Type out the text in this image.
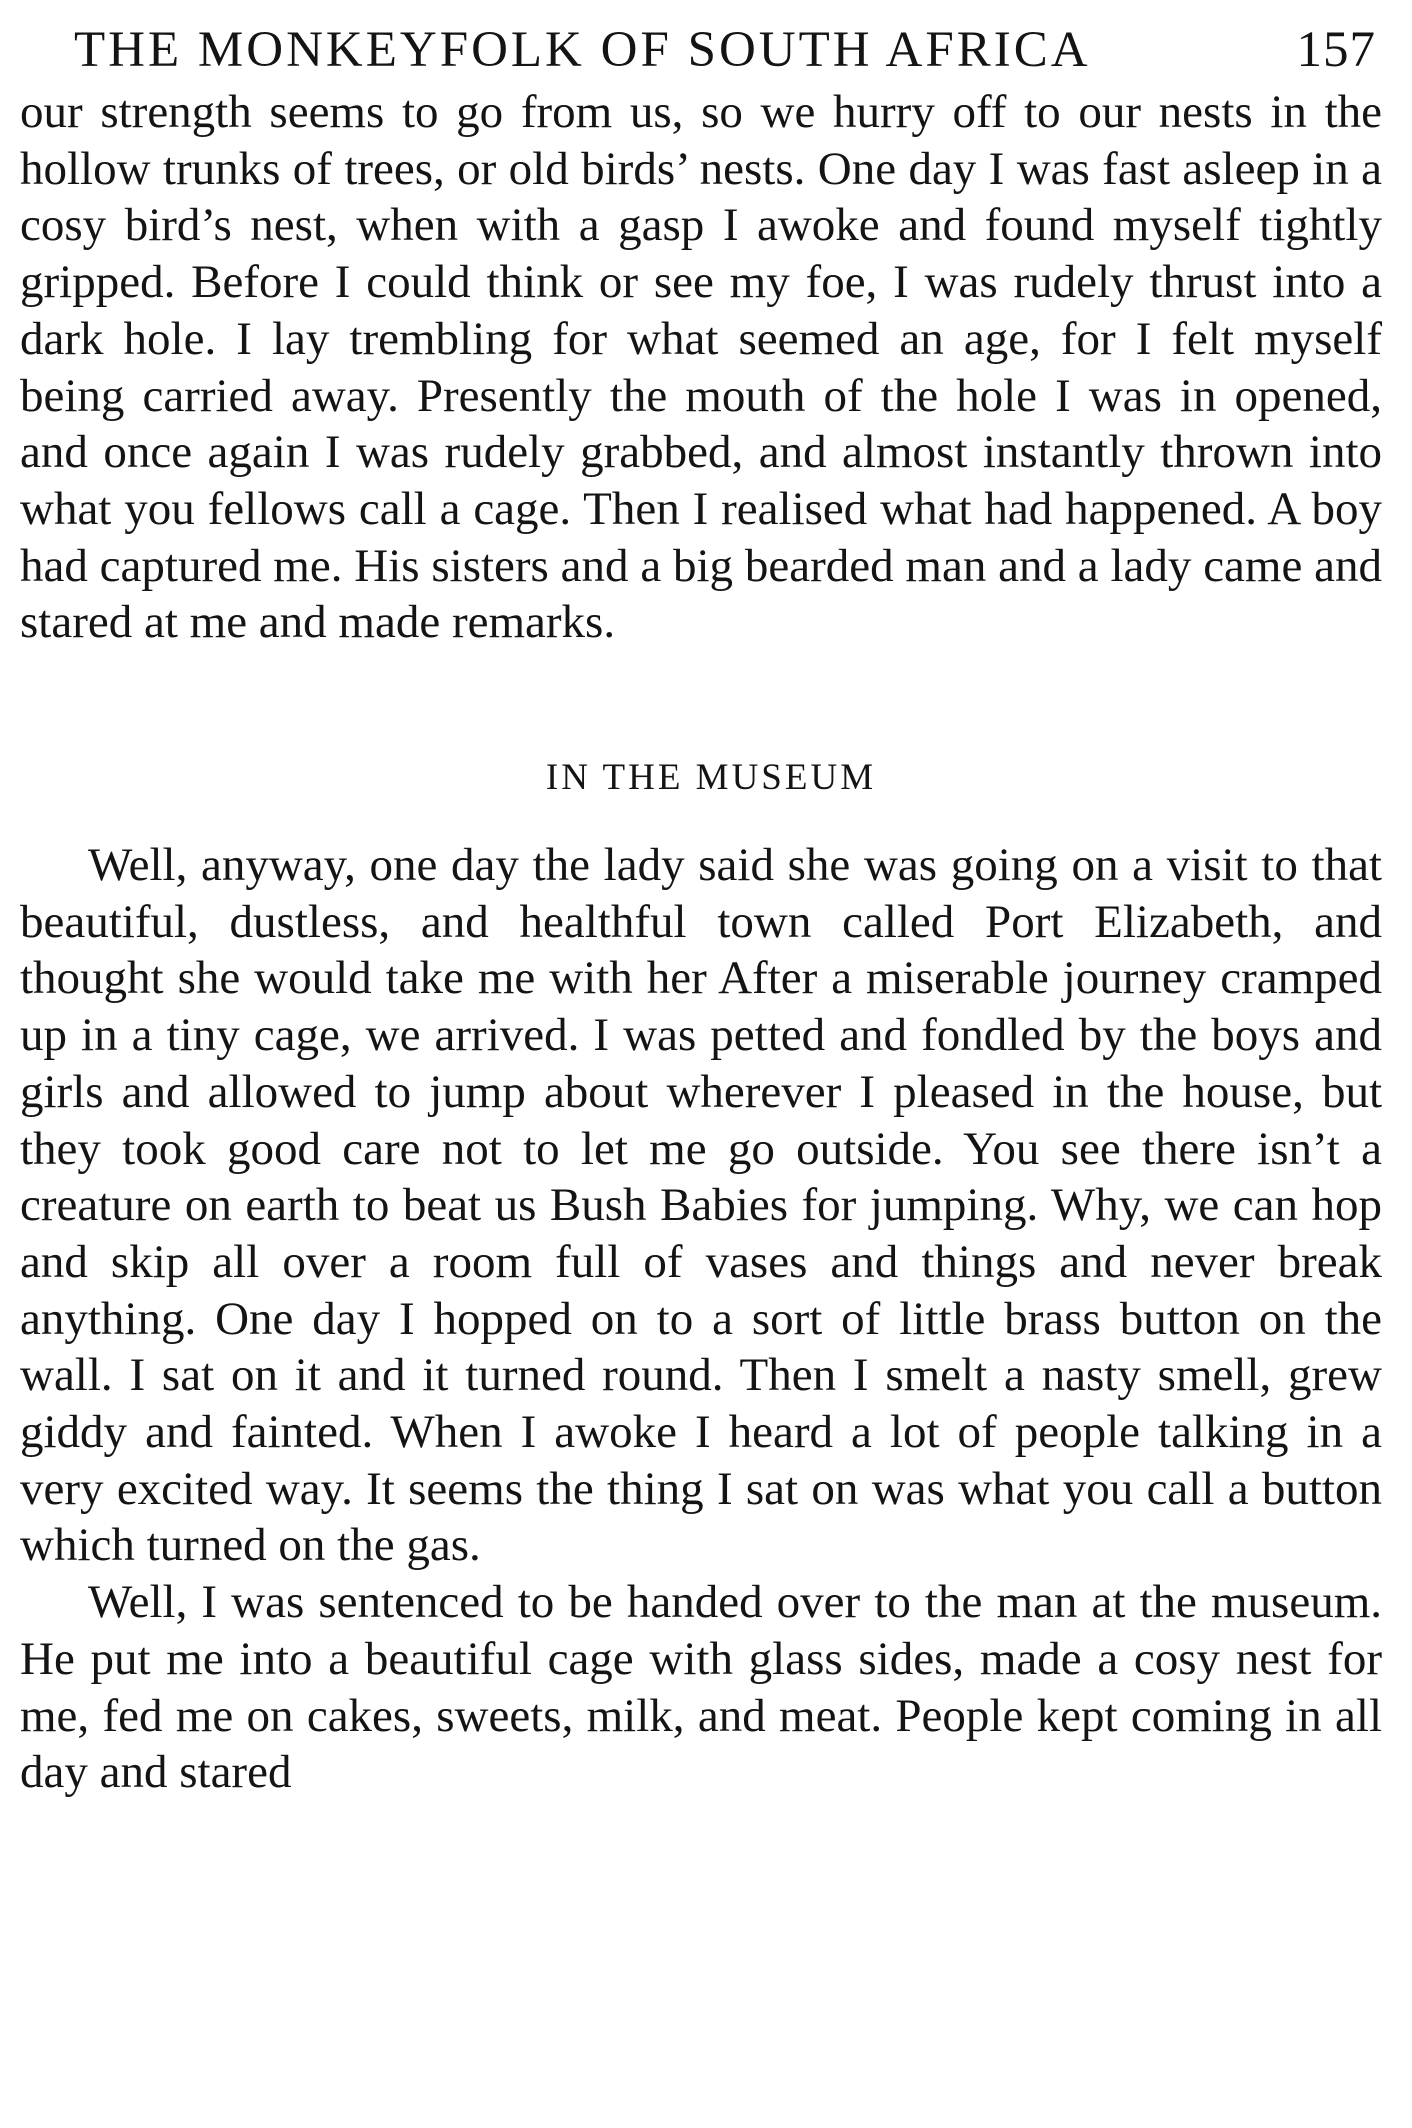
THE MONKEYFOLK OF SOUTH AFRICA	157

our strength seems to go from us, so we hurry off to our nests in the hollow trunks of trees, or old birds’ nests. One day I was fast asleep in a cosy bird’s nest, when with a gasp I awoke and found myself tightly gripped. Before I could think or see my foe, I was rudely thrust into a dark hole. I lay trembling for what seemed an age, for I felt myself being carried away. Presently the mouth of the hole I was in opened, and once again I was rudely grabbed, and almost instantly thrown into what you fellows call a cage. Then I realised what had happened. A boy had captured me. His sisters and a big bearded man and a lady came and stared at me and made remarks.

IN THE MUSEUM

Well, anyway, one day the lady said she was going on a visit to that beautiful, dustless, and healthful town called Port Elizabeth, and thought she would take me with her After a miserable journey cramped up in a tiny cage, we arrived. I was petted and fondled by the boys and girls and allowed to jump about wherever I pleased in the house, but they took good care not to let me go outside. You see there isn’t a creature on earth to beat us Bush Babies for jumping. Why, we can hop and skip all over a room full of vases and things and never break anything. One day I hopped on to a sort of little brass button on the wall. I sat on it and it turned round. Then I smelt a nasty smell, grew giddy and fainted. When I awoke I heard a lot of people talking in a very excited way. It seems the thing I sat on was what you call a button which turned on the gas.

Well, I was sentenced to be handed over to the man at the museum. He put me into a beautiful cage with glass sides, made a cosy nest for me, fed me on cakes, sweets, milk, and meat. People kept coming in all day and stared
